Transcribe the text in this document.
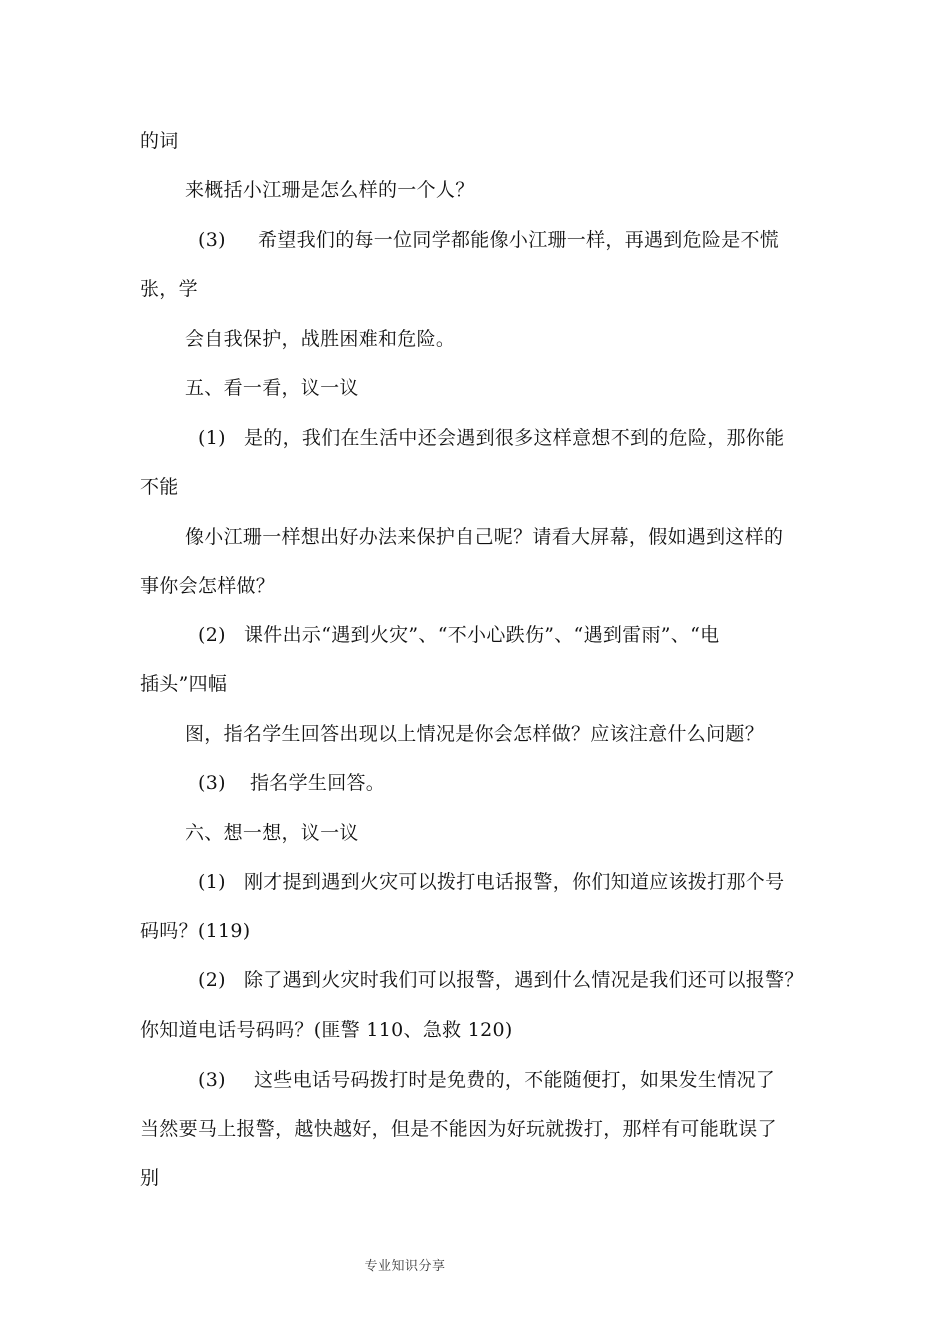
的词
来概括小江珊是怎么样的一个人？
(3) 希望我们的每一位同学都能像小江珊一样，再遇到危险是不慌
张，学
会自我保护，战胜困难和危险。
五、看一看，议一议
(1) 是的，我们在生活中还会遇到很多这样意想不到的危险，那你能
不能
像小江珊一样想出好办法来保护自己呢？请看大屏幕，假如遇到这样的
事你会怎样做？
(2) 课件出示“遇到火灾”、“不小心跌伤”、“遇到雷雨”、“电
插头”四幅
图，指名学生回答出现以上情况是你会怎样做？应该注意什么问题？
(3) 指名学生回答。
六、想一想，议一议
(1) 刚才提到遇到火灾可以拨打电话报警，你们知道应该拨打那个号
码吗？(119)
(2) 除了遇到火灾时我们可以报警，遇到什么情况是我们还可以报警？
你知道电话号码吗？(匪警 110、急救 120)
(3) 这些电话号码拨打时是免费的，不能随便打，如果发生情况了
当然要马上报警，越快越好，但是不能因为好玩就拨打，那样有可能耽误了
别
专业知识分享
